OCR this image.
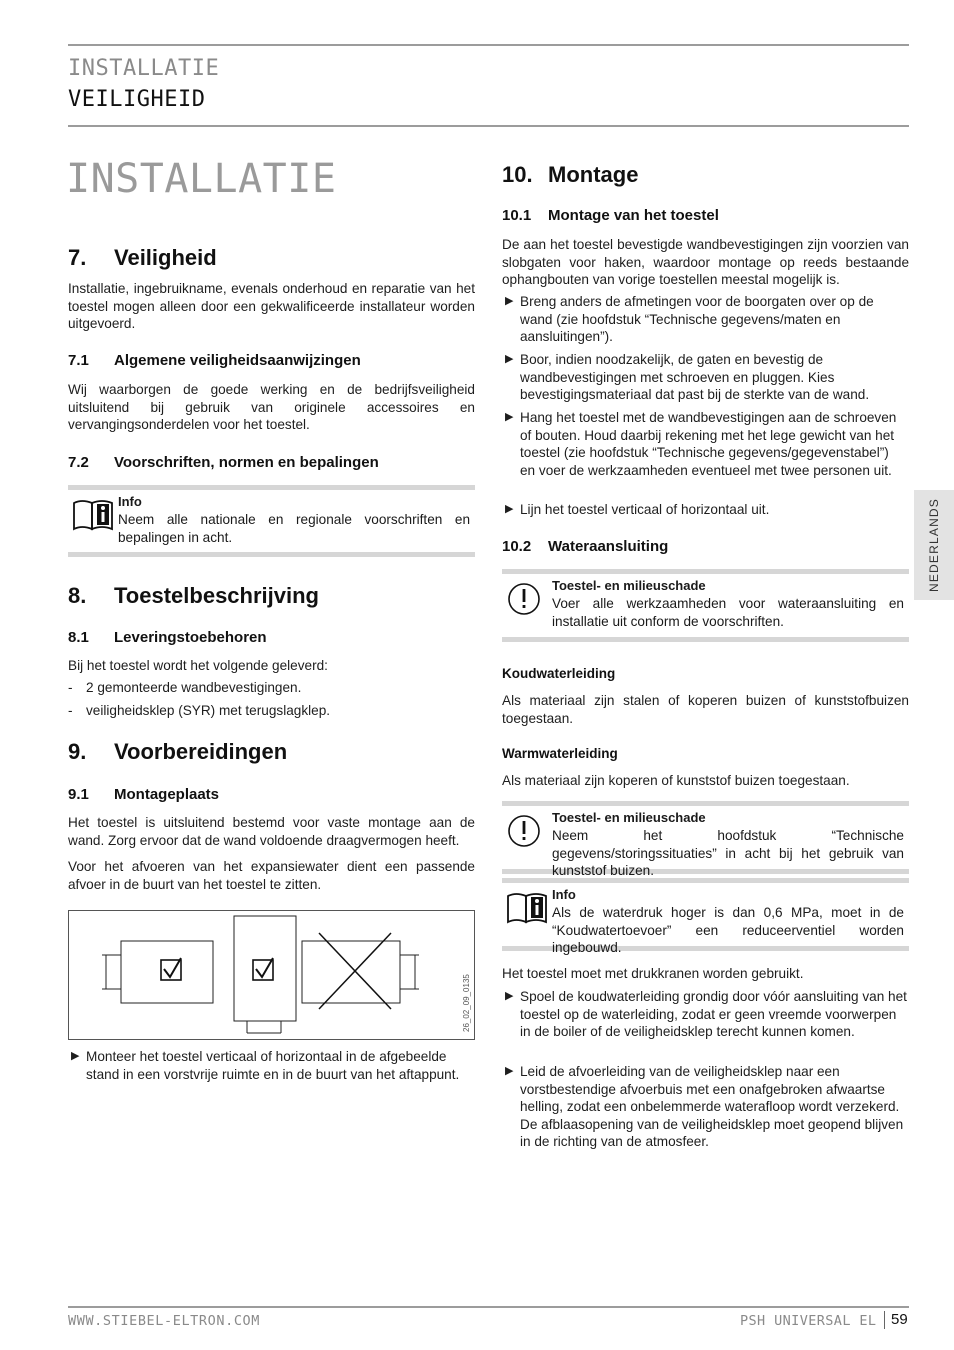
INSTALLATIE
VEILIGHEID
INSTALLATIE
NEDERLANDS
7. Veiligheid
Installatie, ingebruikname, evenals onderhoud en reparatie van het toestel mogen alleen door een gekwalificeerde installateur worden uitgevoerd.
7.1 Algemene veiligheidsaanwijzingen
Wij waarborgen de goede werking en de bedrijfsveiligheid uitsluitend bij gebruik van originele accessoires en vervangingsonderdelen voor het toestel.
7.2 Voorschriften, normen en bepalingen
Info
Neem alle nationale en regionale voorschriften en bepalingen in acht.
8. Toestelbeschrijving
8.1 Leveringstoebehoren
Bij het toestel wordt het volgende geleverd:
- 2 gemonteerde wandbevestigingen.
- veiligheidsklep (SYR) met terugslagklep.
9. Voorbereidingen
9.1 Montageplaats
Het toestel is uitsluitend bestemd voor vaste montage aan de wand. Zorg ervoor dat de wand voldoende draagvermogen heeft.
Voor het afvoeren van het expansiewater dient een passende afvoer in de buurt van het toestel te zitten.
26_02_09_0135
▶ Monteer het toestel verticaal of horizontaal in de afgebeelde stand in een vorstvrije ruimte en in de buurt van het aftappunt.
10. Montage
10.1 Montage van het toestel
De aan het toestel bevestigde wandbevestigingen zijn voorzien van slobgaten voor haken, waardoor montage op reeds bestaande ophangbouten van vorige toestellen meestal mogelijk is.
▶ Breng anders de afmetingen voor de boorgaten over op de wand (zie hoofdstuk “Technische gegevens/maten en aansluitingen”).
▶ Boor, indien noodzakelijk, de gaten en bevestig de wandbevestigingen met schroeven en pluggen. Kies bevestigingsmateriaal dat past bij de sterkte van de wand.
▶ Hang het toestel met de wandbevestigingen aan de schroeven of bouten. Houd daarbij rekening met het lege gewicht van het toestel (zie hoofdstuk “Technische gegevens/gegevenstabel”) en voer de werkzaamheden eventueel met twee personen uit.
▶ Lijn het toestel verticaal of horizontaal uit.
10.2 Wateraansluiting
Toestel- en milieuschade
Voer alle werkzaamheden voor wateraansluiting en installatie uit conform de voorschriften.
Koudwaterleiding
Als materiaal zijn stalen of koperen buizen of kunststofbuizen toegestaan.
Warmwaterleiding
Als materiaal zijn koperen of kunststof buizen toegestaan.
Toestel- en milieuschade
Neem het hoofdstuk “Technische gegevens/storingssituaties” in acht bij het gebruik van kunststof buizen.
Info
Als de waterdruk hoger is dan 0,6 MPa, moet in de “Koudwatertoevoer” een reduceerventiel worden ingebouwd.
Het toestel moet met drukkranen worden gebruikt.
▶ Spoel de koudwaterleiding grondig door vóór aansluiting van het toestel op de waterleiding, zodat er geen vreemde voorwerpen in de boiler of de veiligheidsklep terecht kunnen komen.
▶ Leid de afvoerleiding van de veiligheidsklep naar een vorstbestendige afvoerbuis met een onafgebroken afwaartse helling, zodat een onbelemmerde waterafloop wordt verzekerd. De afblaasopening van de veiligheidsklep moet geopend blijven in de richting van de atmosfeer.
WWW.STIEBEL-ELTRON.COM	PSH UNIVERSAL EL 59
